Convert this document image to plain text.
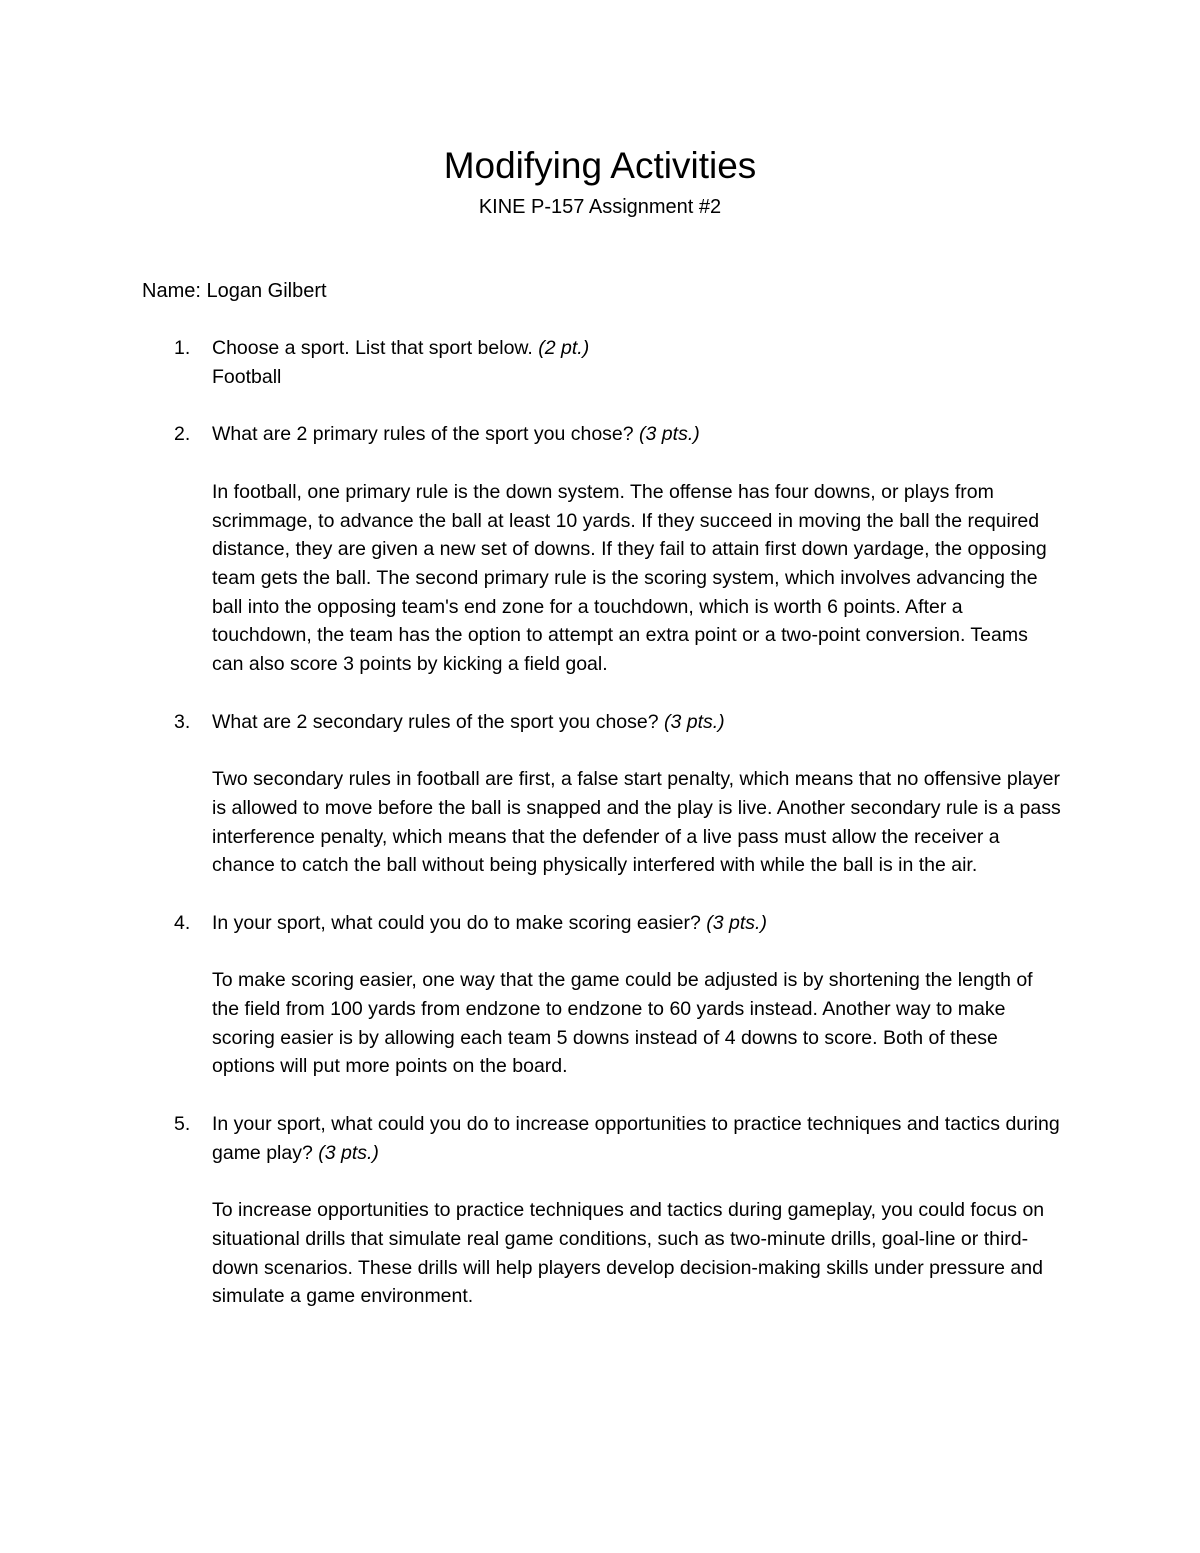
Modifying Activities
KINE P-157 Assignment #2
Name: Logan Gilbert
1. Choose a sport. List that sport below. (2 pt.)
Football
2. What are 2 primary rules of the sport you chose? (3 pts.)
In football, one primary rule is the down system. The offense has four downs, or plays from scrimmage, to advance the ball at least 10 yards. If they succeed in moving the ball the required distance, they are given a new set of downs. If they fail to attain first down yardage, the opposing team gets the ball. The second primary rule is the scoring system, which involves advancing the ball into the opposing team's end zone for a touchdown, which is worth 6 points. After a touchdown, the team has the option to attempt an extra point or a two-point conversion. Teams can also score 3 points by kicking a field goal.
3. What are 2 secondary rules of the sport you chose? (3 pts.)
Two secondary rules in football are first, a false start penalty, which means that no offensive player is allowed to move before the ball is snapped and the play is live. Another secondary rule is a pass interference penalty, which means that the defender of a live pass must allow the receiver a chance to catch the ball without being physically interfered with while the ball is in the air.
4. In your sport, what could you do to make scoring easier? (3 pts.)
To make scoring easier, one way that the game could be adjusted is by shortening the length of the field from 100 yards from endzone to endzone to 60 yards instead. Another way to make scoring easier is by allowing each team 5 downs instead of 4 downs to score. Both of these options will put more points on the board.
5. In your sport, what could you do to increase opportunities to practice techniques and tactics during game play? (3 pts.)
To increase opportunities to practice techniques and tactics during gameplay, you could focus on situational drills that simulate real game conditions, such as two-minute drills, goal-line or third-down scenarios. These drills will help players develop decision-making skills under pressure and simulate a game environment.
